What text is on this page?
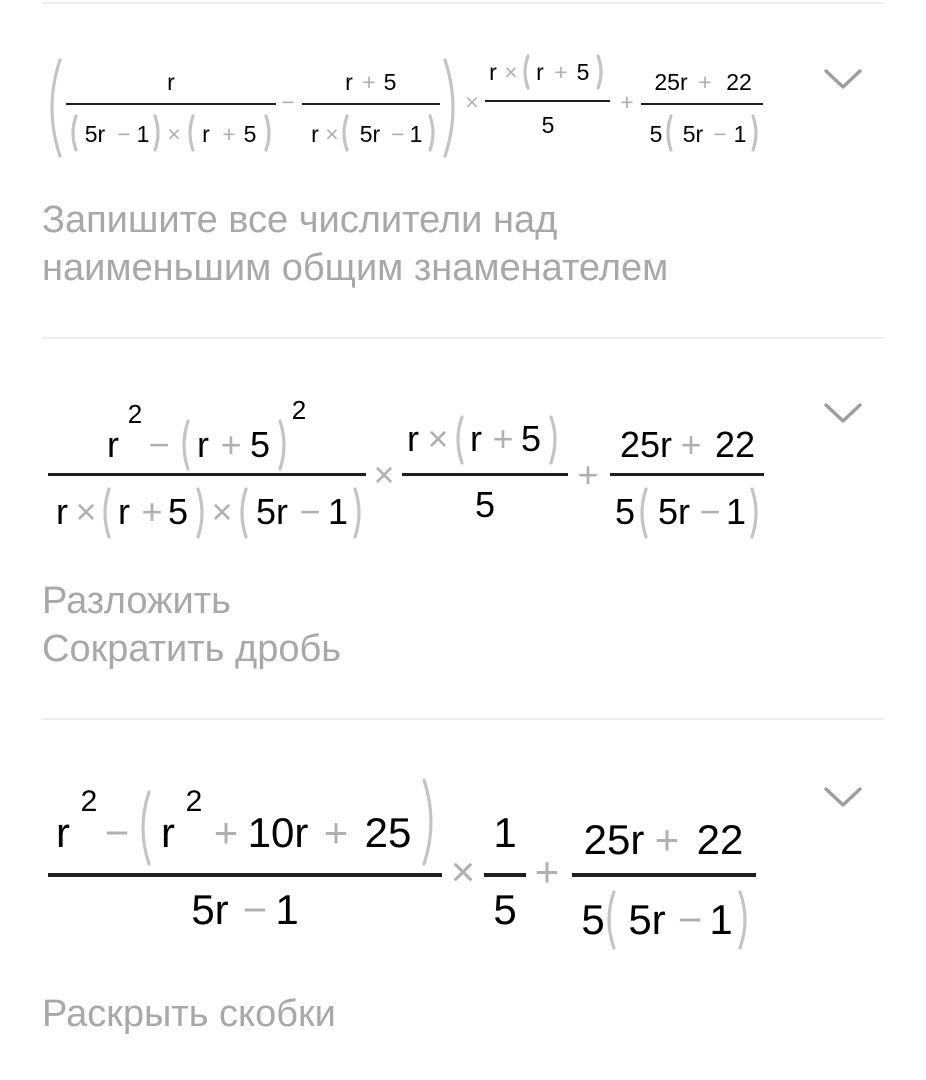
r
5r − 1 × r + 5
−
r + 5
r × 5r − 1
×
r × r + 5
5
+
25r + 22
5 5r − 1
Запишите все числители над
наименьшим общим знаменателем
r
2
− r + 5
2
r × r + 5 × 5r − 1
×
r × r + 5
5
+
25r + 22
5 5r − 1
Разложить
Сократить дробь
r
2
− r
2
+ 10r + 25
5r − 1
×
1
5
+
25r + 22
5 5r − 1
Раскрыть скобки
